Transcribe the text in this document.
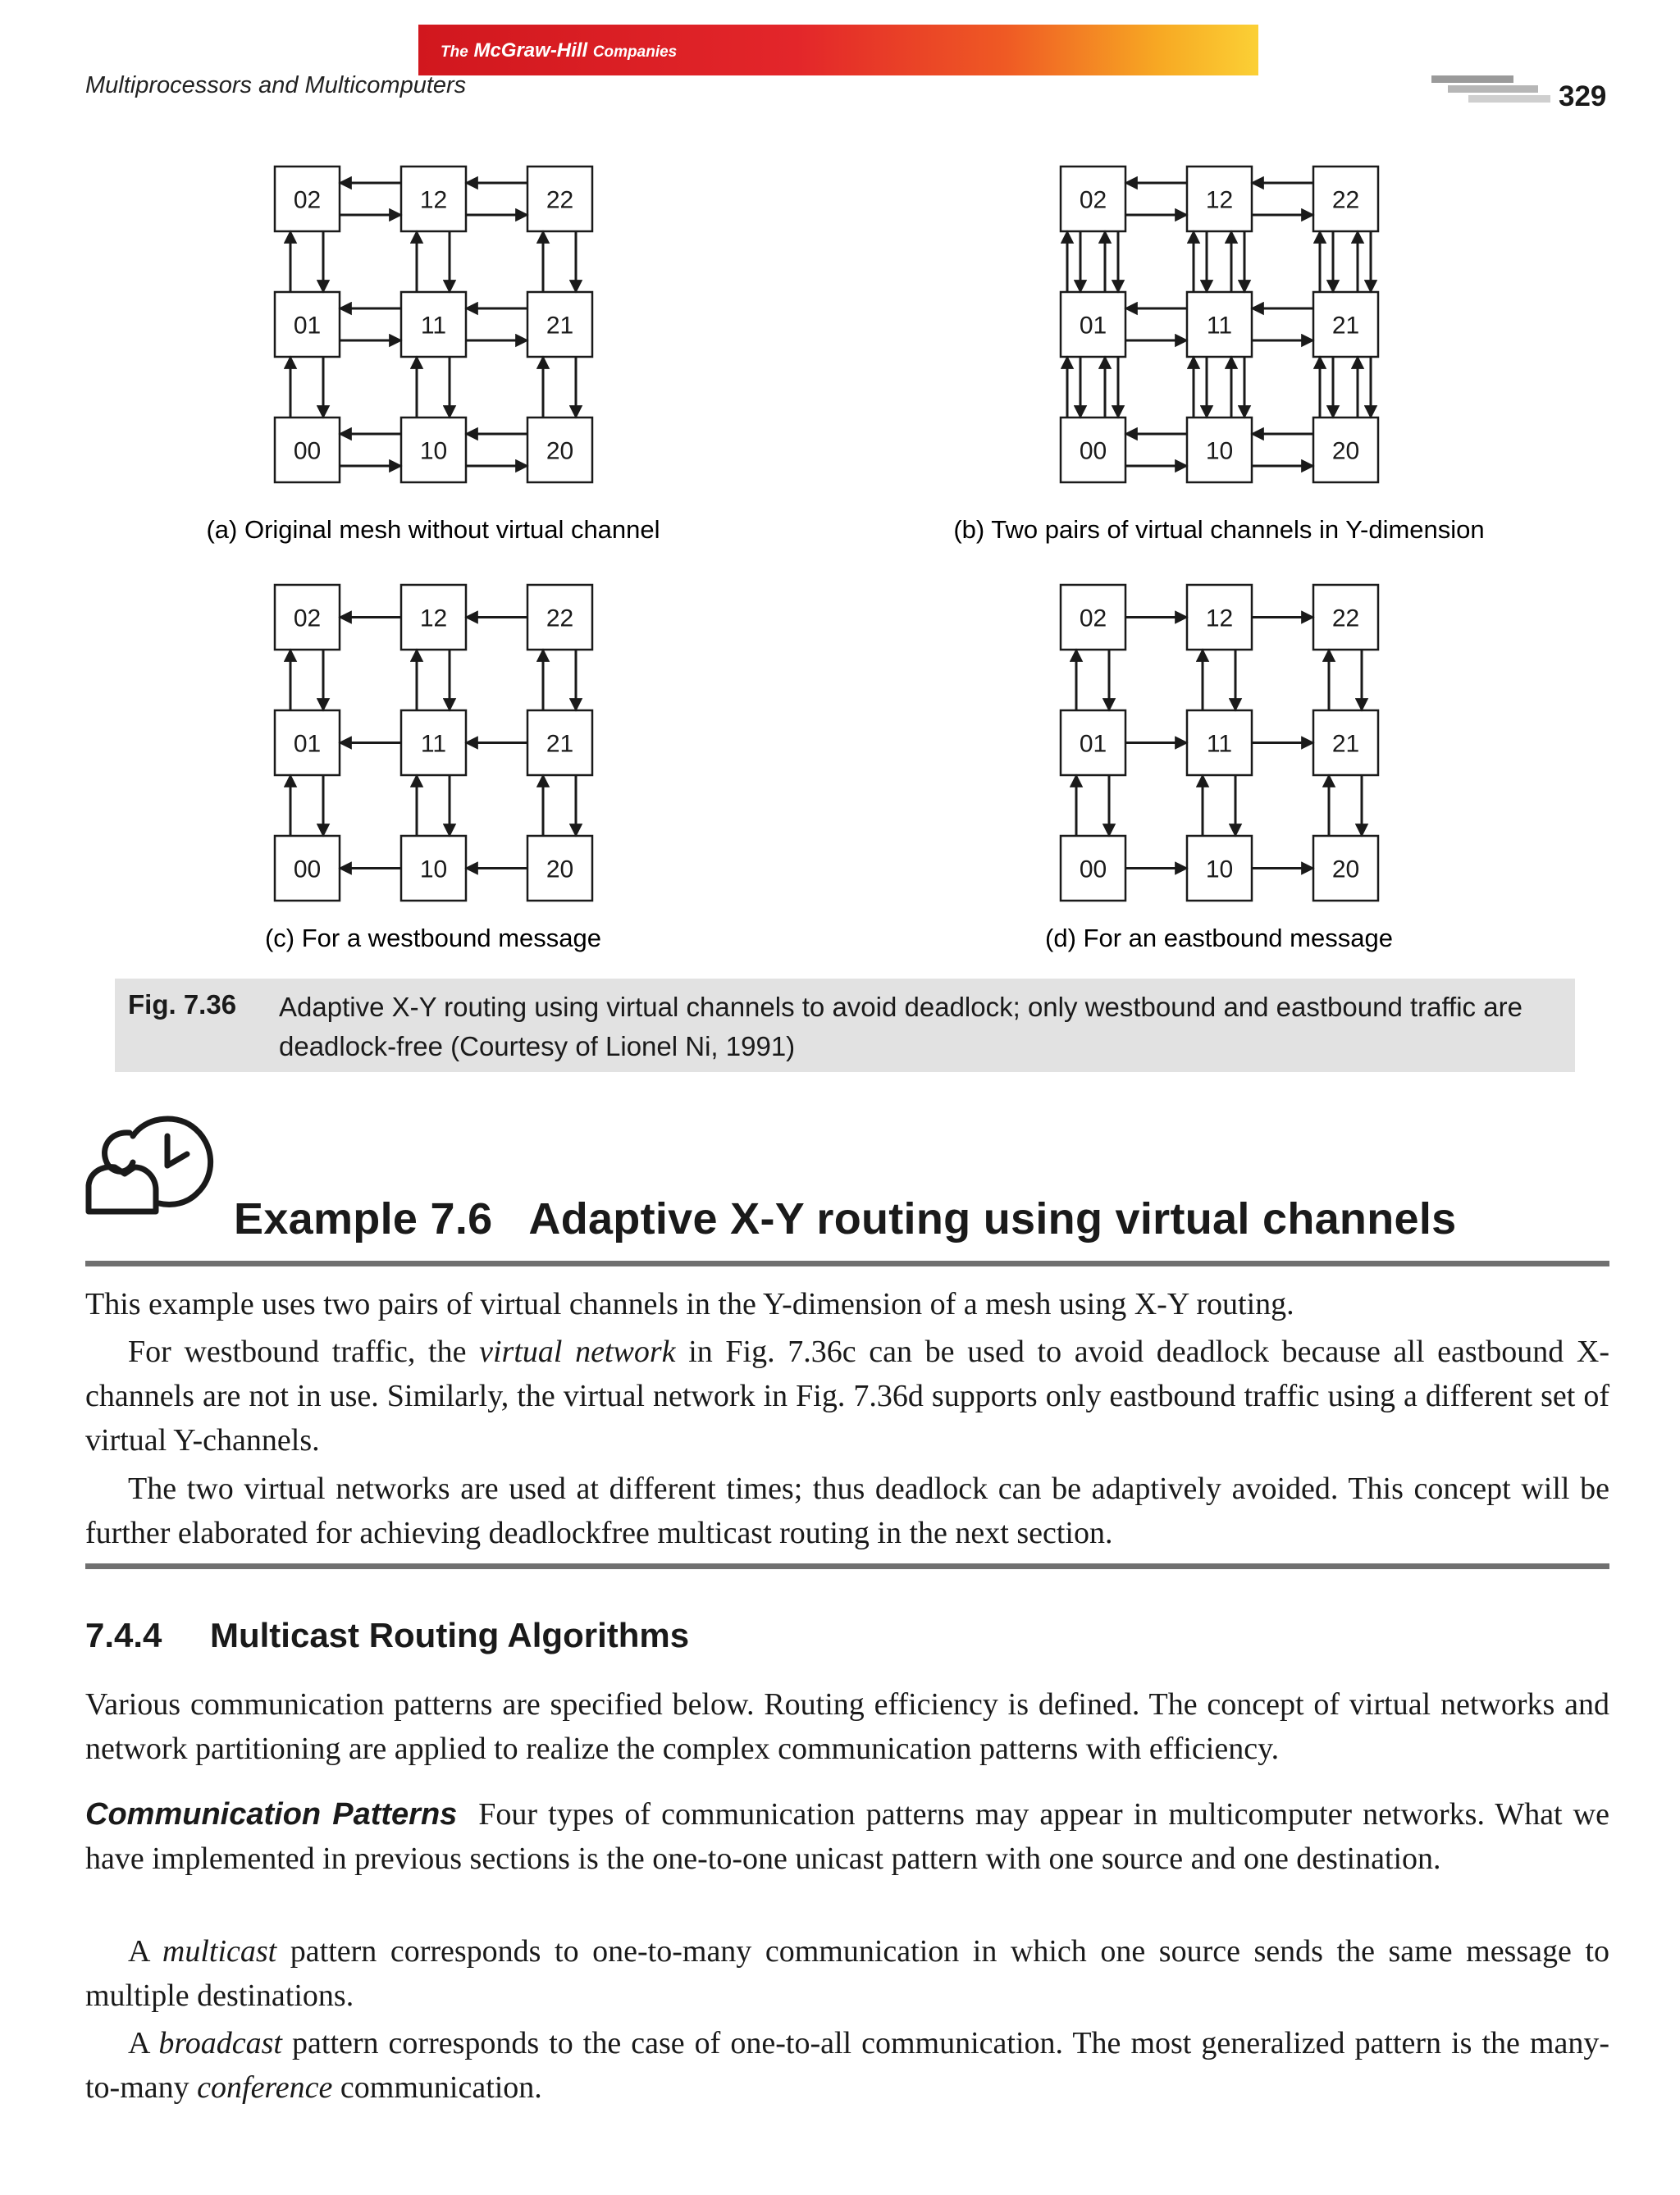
The McGraw-Hill Companies
Multiprocessors and Multicomputers	329
02	12	22
01	11	21
00	10	20
02	12	22
01	11	21
00	10	20
02	12	22
01	11	21
00	10	20
02	12	22
01	11	21
00	10	20
(a) Original mesh without virtual channel	(b) Two pairs of virtual channels in Y-dimension
(c) For a westbound message	(d) For an eastbound message
Fig. 7.36 Adaptive X-Y routing using virtual channels to avoid deadlock; only westbound and eastbound traffic are deadlock-free (Courtesy of Lionel Ni, 1991)
Example 7.6   Adaptive X-Y routing using virtual channels
This example uses two pairs of virtual channels in the Y-dimension of a mesh using X-Y routing.
For westbound traffic, the virtual network in Fig. 7.36c can be used to avoid deadlock because all eastbound X-channels are not in use. Similarly, the virtual network in Fig. 7.36d supports only eastbound traffic using a different set of virtual Y-channels.
The two virtual networks are used at different times; thus deadlock can be adaptively avoided. This concept will be further elaborated for achieving deadlockfree multicast routing in the next section.
7.4.4 Multicast Routing Algorithms
Various communication patterns are specified below. Routing efficiency is defined. The concept of virtual networks and network partitioning are applied to realize the complex communication patterns with efficiency.
Communication Patterns Four types of communication patterns may appear in multicomputer networks. What we have implemented in previous sections is the one-to-one unicast pattern with one source and one destination.
A multicast pattern corresponds to one-to-many communication in which one source sends the same message to multiple destinations.
A broadcast pattern corresponds to the case of one-to-all communication. The most generalized pattern is the many-to-many conference communication.
